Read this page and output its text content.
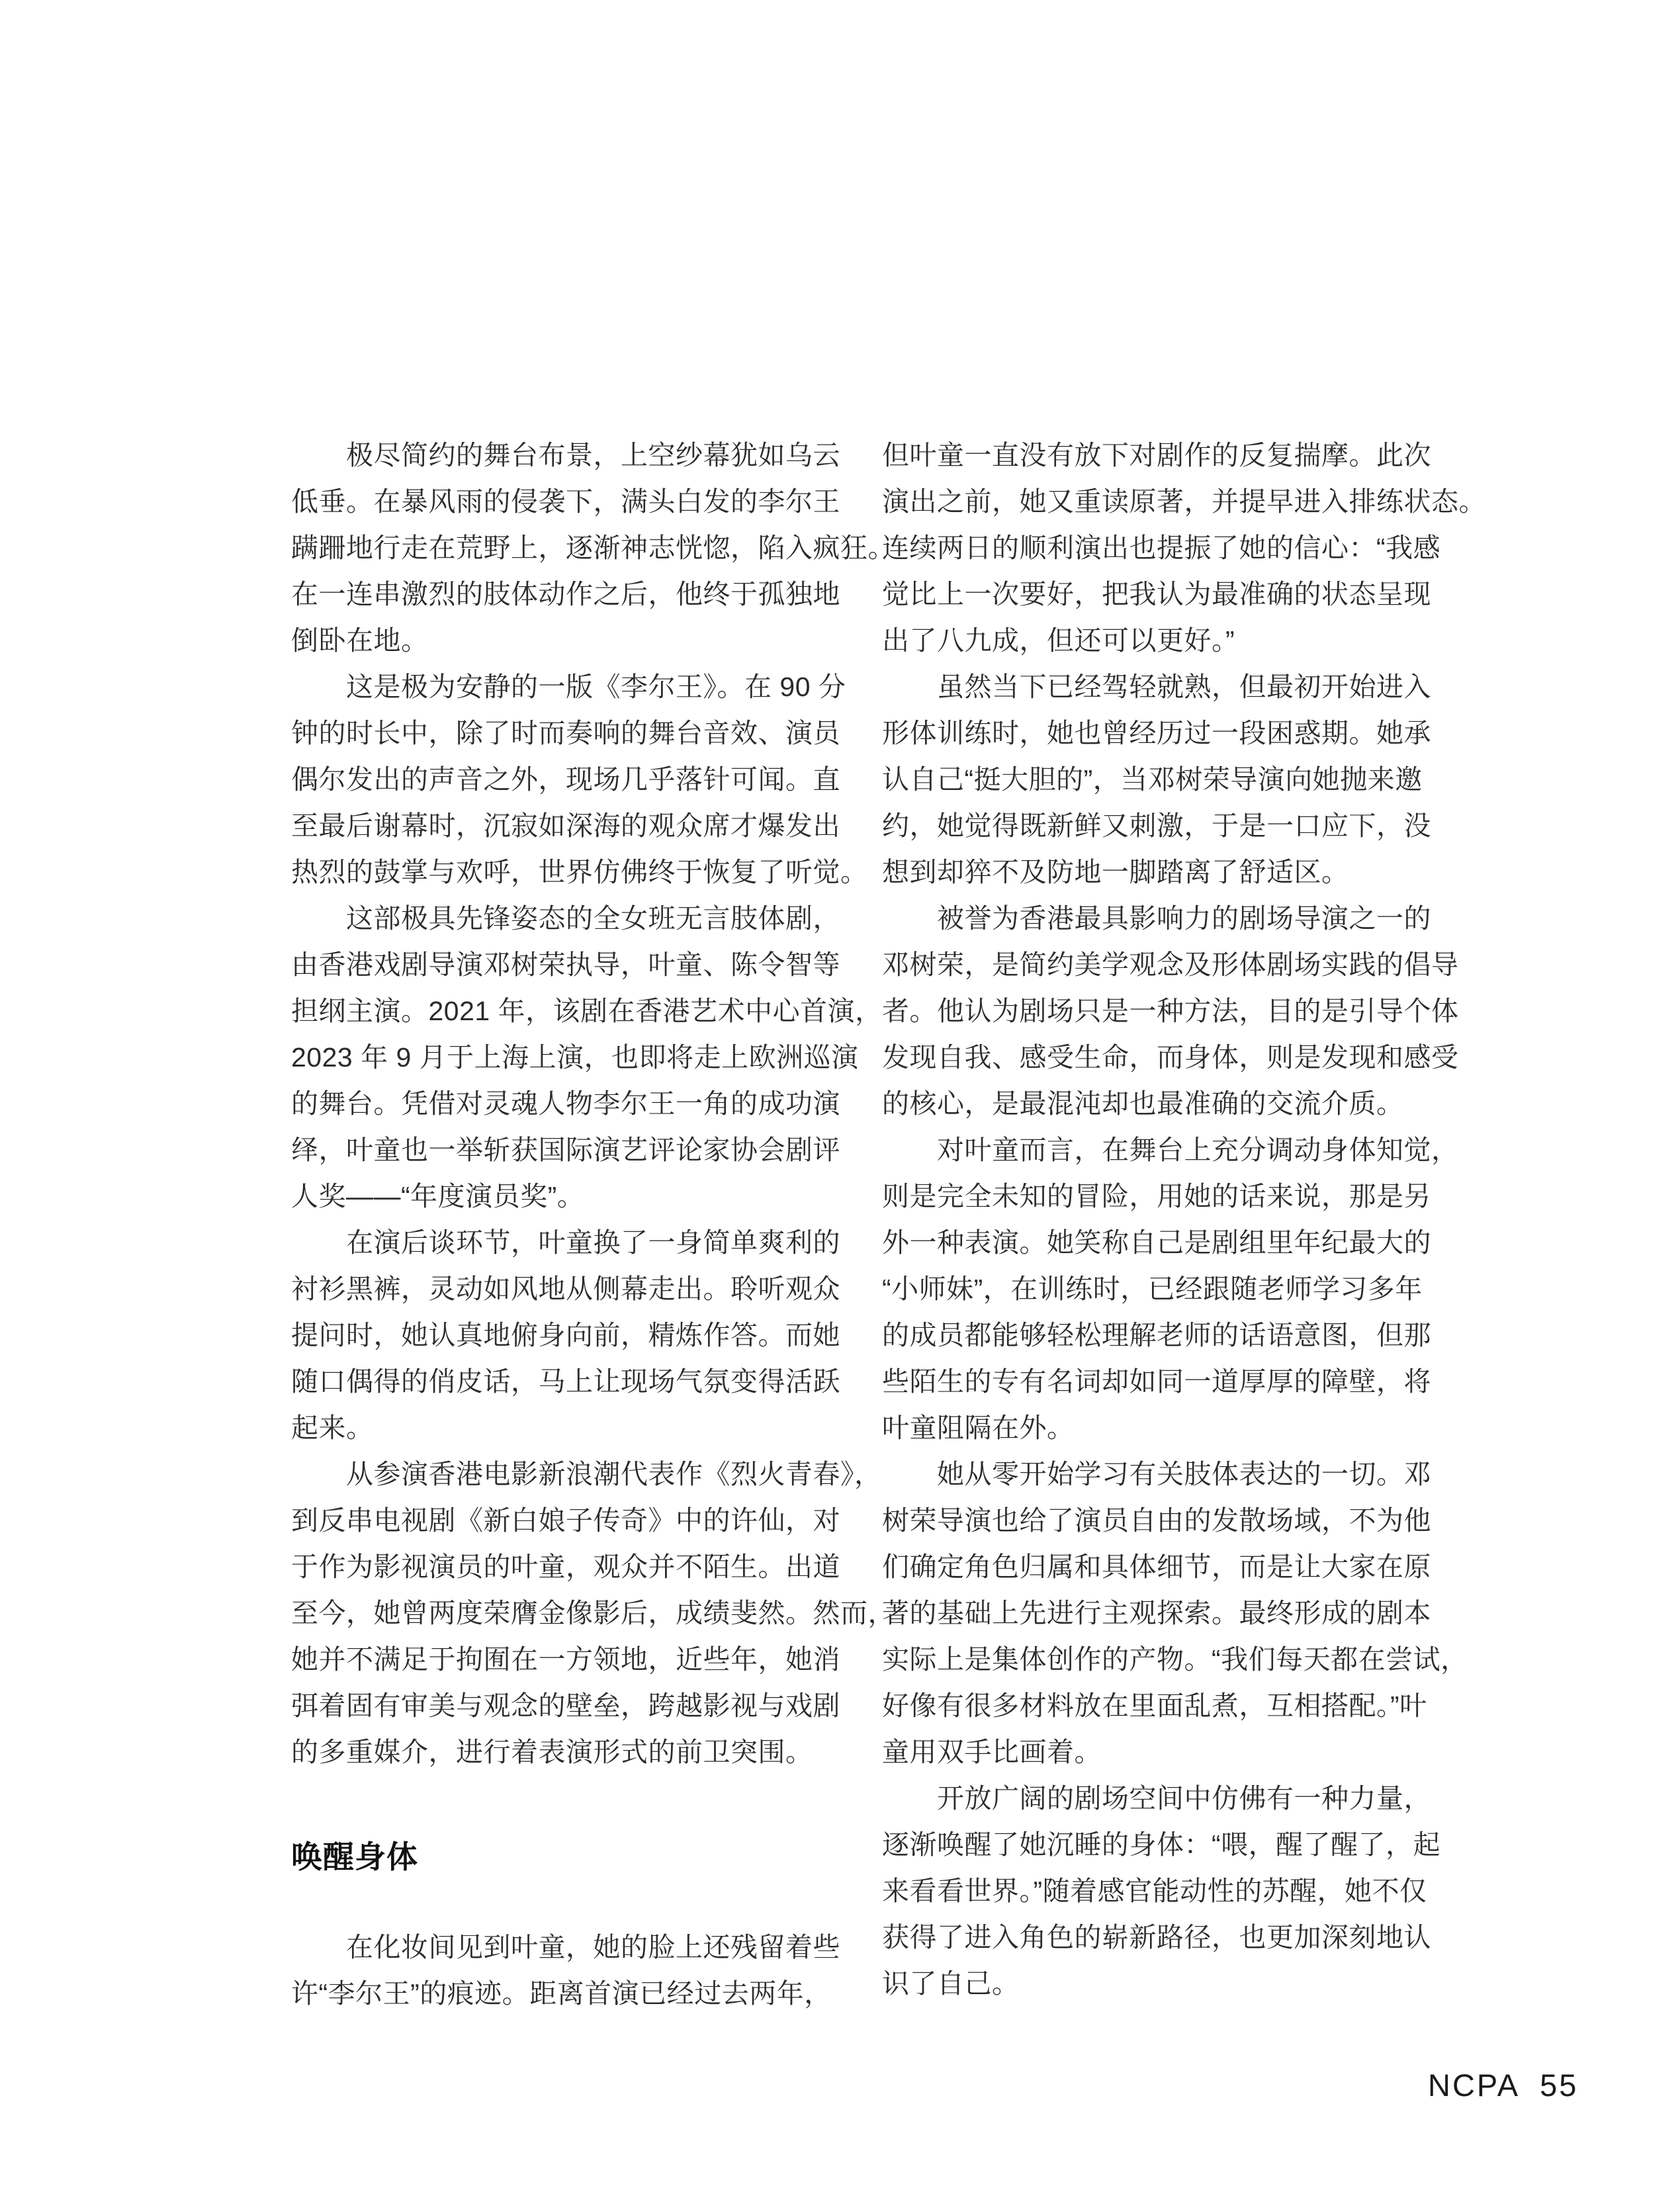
　　极尽简约的舞台布景，上空纱幕犹如乌云
低垂。在暴风雨的侵袭下，满头白发的李尔王
蹒跚地行走在荒野上，逐渐神志恍惚，陷入疯狂。
在一连串激烈的肢体动作之后，他终于孤独地
倒卧在地。
　　这是极为安静的一版《李尔王》。在 90 分
钟的时长中，除了时而奏响的舞台音效、演员
偶尔发出的声音之外，现场几乎落针可闻。直
至最后谢幕时，沉寂如深海的观众席才爆发出
热烈的鼓掌与欢呼，世界仿佛终于恢复了听觉。
　　这部极具先锋姿态的全女班无言肢体剧，
由香港戏剧导演邓树荣执导，叶童、陈令智等
担纲主演。2021 年，该剧在香港艺术中心首演，
2023 年 9 月于上海上演，也即将走上欧洲巡演
的舞台。凭借对灵魂人物李尔王一角的成功演
绎，叶童也一举斩获国际演艺评论家协会剧评
人奖——“年度演员奖”。
　　在演后谈环节，叶童换了一身简单爽利的
衬衫黑裤，灵动如风地从侧幕走出。聆听观众
提问时，她认真地俯身向前，精炼作答。而她
随口偶得的俏皮话，马上让现场气氛变得活跃
起来。
　　从参演香港电影新浪潮代表作《烈火青春》，
到反串电视剧《新白娘子传奇》中的许仙，对
于作为影视演员的叶童，观众并不陌生。出道
至今，她曾两度荣膺金像影后，成绩斐然。然而，
她并不满足于拘囿在一方领地，近些年，她消
弭着固有审美与观念的壁垒，跨越影视与戏剧
的多重媒介，进行着表演形式的前卫突围。
唤醒身体
　　在化妆间见到叶童，她的脸上还残留着些
许“李尔王”的痕迹。距离首演已经过去两年，
但叶童一直没有放下对剧作的反复揣摩。此次
演出之前，她又重读原著，并提早进入排练状态。
连续两日的顺利演出也提振了她的信心：“我感
觉比上一次要好，把我认为最准确的状态呈现
出了八九成，但还可以更好。”
　　虽然当下已经驾轻就熟，但最初开始进入
形体训练时，她也曾经历过一段困惑期。她承
认自己“挺大胆的”，当邓树荣导演向她抛来邀
约，她觉得既新鲜又刺激，于是一口应下，没
想到却猝不及防地一脚踏离了舒适区。
　　被誉为香港最具影响力的剧场导演之一的
邓树荣，是简约美学观念及形体剧场实践的倡导
者。他认为剧场只是一种方法，目的是引导个体
发现自我、感受生命，而身体，则是发现和感受
的核心，是最混沌却也最准确的交流介质。
　　对叶童而言，在舞台上充分调动身体知觉，
则是完全未知的冒险，用她的话来说，那是另
外一种表演。她笑称自己是剧组里年纪最大的
“小师妹”，在训练时，已经跟随老师学习多年
的成员都能够轻松理解老师的话语意图，但那
些陌生的专有名词却如同一道厚厚的障壁，将
叶童阻隔在外。
　　她从零开始学习有关肢体表达的一切。邓
树荣导演也给了演员自由的发散场域，不为他
们确定角色归属和具体细节，而是让大家在原
著的基础上先进行主观探索。最终形成的剧本
实际上是集体创作的产物。“我们每天都在尝试，
好像有很多材料放在里面乱煮，互相搭配。”叶
童用双手比画着。
　　开放广阔的剧场空间中仿佛有一种力量，
逐渐唤醒了她沉睡的身体：“喂，醒了醒了，起
来看看世界。”随着感官能动性的苏醒，她不仅
获得了进入角色的崭新路径，也更加深刻地认
识了自己。
NCPA 55
